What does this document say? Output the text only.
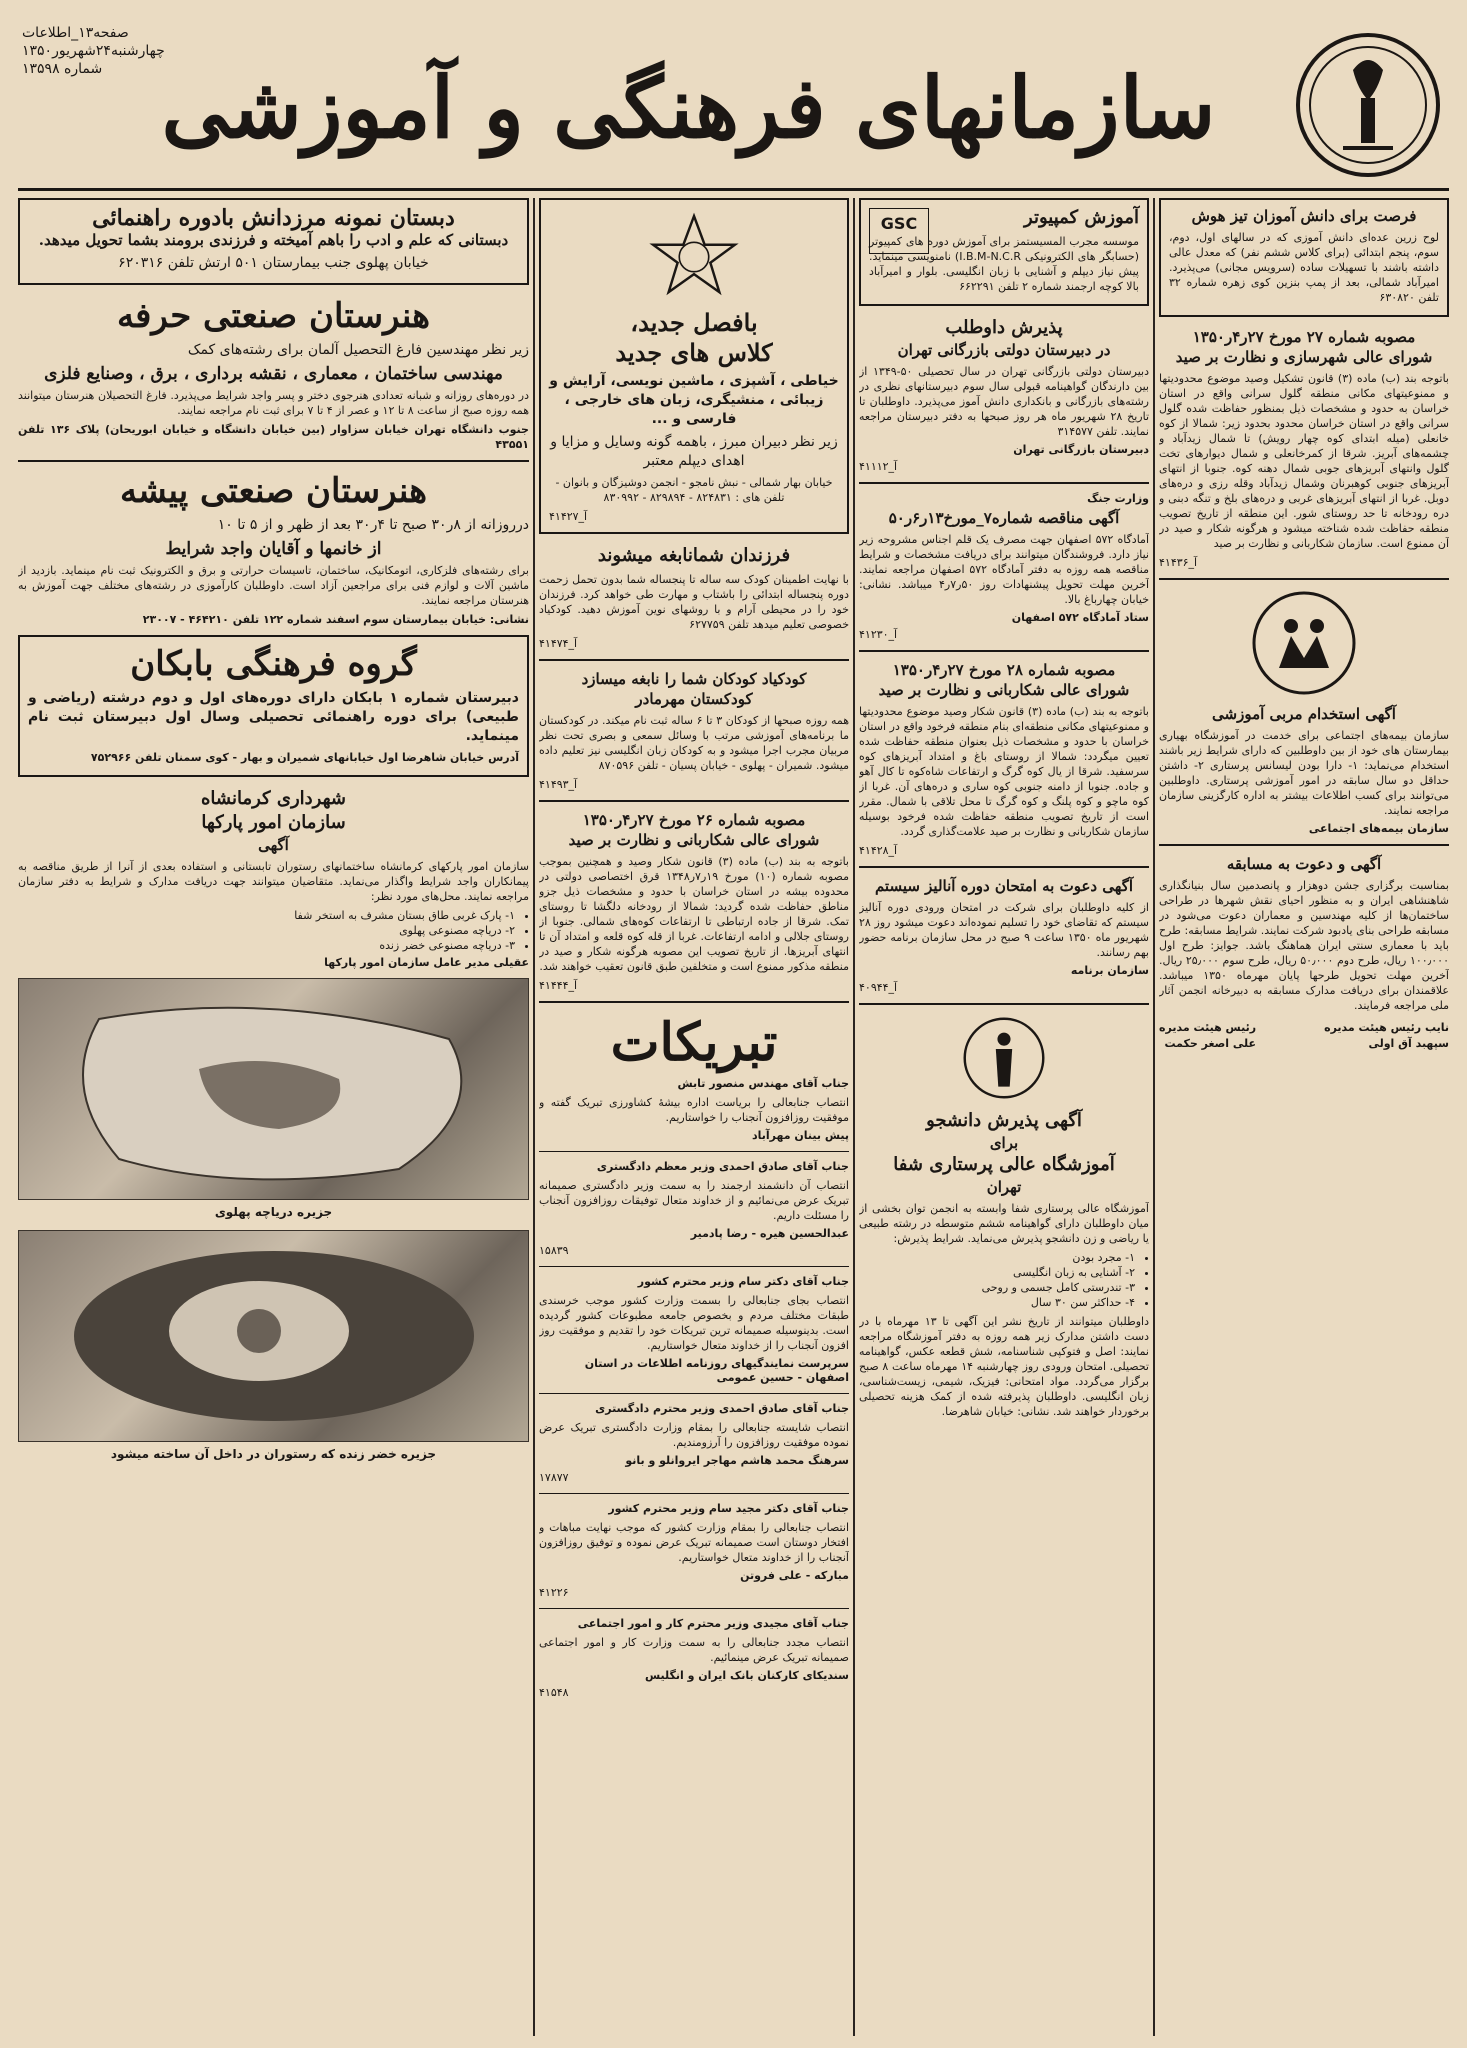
صفحه۱۳_اطلاعات
چهارشنبه۲۴شهریور۱۳۵۰
شماره ۱۳۵۹۸ سازمانهای فرهنگی و آموزشی
فرصت برای دانش آموزان تیز هوش
لوح زرین عده‌ای دانش آموزی که در سالهای اول، دوم، سوم، پنجم ابتدائی (برای کلاس ششم نفر) که معدل عالی داشته باشند با تسهیلات ساده (سرویس مجانی) می‌پذیرد. امیرآباد شمالی، بعد از پمپ بنزین کوی زهره شماره ۳۲ تلفن ۶۳۰۸۲۰
مصوبه شماره ۲۷ مورخ ۲۷ر۴ر۱۳۵۰
شورای عالی شهرسازی و نظارت بر صید
باتوجه بند (ب) ماده (۳) قانون تشکیل وصید موضوع محدودیتها و ممنوعیتهای مکانی منطقه گلول سرانی واقع در استان خراسان به حدود و مشخصات ذیل بمنظور حفاظت شده گلول سرانی واقع در استان خراسان محدود بحدود زیر: شمالا از کوه خانعلی (میله ابتدای کوه چهار رویش) تا شمال زیدآباد و چشمه‌های آبریز. شرقا از کمرخانعلی و شمال دیوارهای تخت گلول وانتهای آبریزهای جوبی شمال دهنه کوه. جنوبا از انتهای آبریزهای جنوبی کوهبرنان وشمال زیدآباد وقله رزی و دره‌های دوبل. غربا از انتهای آبریزهای غربی و دره‌های بلخ و تنگه دبنی و دره رودخانه تا حد روستای شور. این منطقه از تاریخ تصویب منطقه حفاظت شده شناخته میشود و هرگونه شکار و صید در آن ممنوع است. سازمان شکاربانی و نظارت بر صید
آ_۴۱۴۳۶
آگهی استخدام مربی آموزشی
سازمان بیمه‌های اجتماعی برای خدمت در آموزشگاه بهیاری بیمارستان های خود از بین داوطلبین که دارای شرایط زیر باشند استخدام می‌نماید: ۱- دارا بودن لیسانس پرستاری ۲- داشتن حداقل دو سال سابقه در امور آموزشی پرستاری. داوطلبین می‌توانند برای کسب اطلاعات بیشتر به اداره کارگزینی سازمان مراجعه نمایند.
سازمان بیمه‌های اجتماعی
آگهی و دعوت به مسابقه
بمناسبت برگزاری جشن دوهزار و پانصدمین سال بنیانگذاری شاهنشاهی ایران و به منظور احیای نقش شهرها در طراحی ساختمان‌ها از کلیه مهندسین و معماران دعوت می‌شود در مسابقه طراحی بنای یادبود شرکت نمایند. شرایط مسابقه: طرح باید با معماری سنتی ایران هماهنگ باشد. جوایز: طرح اول ۱۰۰٫۰۰۰ ریال، طرح دوم ۵۰٫۰۰۰ ریال، طرح سوم ۲۵٫۰۰۰ ریال. آخرین مهلت تحویل طرحها پایان مهرماه ۱۳۵۰ میباشد. علاقمندان برای دریافت مدارک مسابقه به دبیرخانه انجمن آثار ملی مراجعه فرمایند.
نایب رئیس هیئت مدیره
سپهبد آق اولی
رئیس هیئت مدیره
علی اصغر حکمت
GSC	آموزش کمپیوتر
موسسه مجرب المسیستمز برای آموزش دوره های کمپیوتر (حسابگر های الکترونیکی I.B.M-N.C.R) نامنویسی مینماید. پیش نیاز دیپلم و آشنایی با زبان انگلیسی. بلوار و امیرآباد بالا کوچه ارجمند شماره ۲ تلفن ۶۶۲۲۹۱
پذیرش داوطلب
در دبیرستان دولتی بازرگانی تهران
دبیرستان دولتی بازرگانی تهران در سال تحصیلی ۵۰-۱۳۴۹ از بین دارندگان گواهینامه قبولی سال سوم دبیرستانهای نظری در رشته‌های بازرگانی و بانکداری دانش آموز می‌پذیرد. داوطلبان تا تاریخ ۲۸ شهریور ماه هر روز صبحها به دفتر دبیرستان مراجعه نمایند. تلفن ۳۱۴۵۷۷
دبیرستان بازرگانی تهران
آ_۴۱۱۱۲
وزارت جنگ
آگهی مناقصه شماره۷_مورخ۱۳ر۶ر۵۰
آمادگاه ۵۷۲ اصفهان جهت مصرف یک قلم اجناس مشروحه زیر نیاز دارد. فروشندگان میتوانند برای دریافت مشخصات و شرایط مناقصه همه روزه به دفتر آمادگاه ۵۷۲ اصفهان مراجعه نمایند. آخرین مهلت تحویل پیشنهادات روز ۵۰ر۷ر۴ میباشد. نشانی: خیابان چهارباغ بالا.
ستاد آمادگاه ۵۷۲ اصفهان
آ_۴۱۲۳۰
مصوبه شماره ۲۸ مورخ ۲۷ر۴ر۱۳۵۰
شورای عالی شکاربانی و نظارت بر صید
باتوجه به بند (ب) ماده (۳) قانون شکار وصید موضوع محدودیتها و ممنوعیتهای مکانی منطقه‌ای بنام منطقه فرخود واقع در استان خراسان با حدود و مشخصات ذیل بعنوان منطقه حفاظت شده تعیین میگردد: شمالا از روستای باغ و امتداد آبریزهای کوه سرسفید. شرقا از یال کوه گرگ و ارتفاعات شاه‌کوه تا کال آهو و جاده. جنوبا از دامنه جنوبی کوه ساری و دره‌های آن. غربا از کوه ماچو و کوه پلنگ و کوه گرگ تا محل تلاقی با شمال. مقرر است از تاریخ تصویب منطقه حفاظت شده فرخود بوسیله سازمان شکاربانی و نظارت بر صید علامت‌گذاری گردد.
آ_۴۱۴۲۸
آگهی دعوت به امتحان دوره آنالیز سیستم
از کلیه داوطلبان برای شرکت در امتحان ورودی دوره آنالیز سیستم که تقاضای خود را تسلیم نموده‌اند دعوت میشود روز ۲۸ شهریور ماه ۱۳۵۰ ساعت ۹ صبح در محل سازمان برنامه حضور بهم رسانند.
سازمان برنامه
آ_۴۰۹۴۴
آگهی پذیرش دانشجو
برای
آموزشگاه عالی پرستاری شفا
تهران
آموزشگاه عالی پرستاری شفا وابسته به انجمن توان بخشی از میان داوطلبان دارای گواهینامه ششم متوسطه در رشته طبیعی یا ریاضی و زن دانشجو پذیرش می‌نماید. شرایط پذیرش:
• ۱- مجرد بودن
• ۲- آشنایی به زبان انگلیسی
• ۳- تندرستی کامل جسمی و روحی
• ۴- حداکثر سن ۳۰ سال
داوطلبان میتوانند از تاریخ نشر این آگهی تا ۱۳ مهرماه با در دست داشتن مدارک زیر همه روزه به دفتر آموزشگاه مراجعه نمایند: اصل و فتوکپی شناسنامه، شش قطعه عکس، گواهینامه تحصیلی. امتحان ورودی روز چهارشنبه ۱۴ مهرماه ساعت ۸ صبح برگزار می‌گردد. مواد امتحانی: فیزیک، شیمی، زیست‌شناسی، زبان انگلیسی. داوطلبان پذیرفته شده از کمک هزینه تحصیلی برخوردار خواهند شد. نشانی: خیابان شاهرضا.
بافصل جدید،
کلاس های جدید
خیاطی ، آشپزی ، ماشین نویسی، آرایش و زیبائی ، منشیگری، زبان های خارجی ، فارسی و ...
زیر نظر دبیران مبرز ، باهمه گونه وسایل و مزایا و اهدای دیپلم معتبر
خیابان بهار شمالی - نبش نامجو - انجمن دوشیزگان و بانوان - تلفن های : ۸۲۴۸۳۱ - ۸۲۹۸۹۴ - ۸۳۰۹۹۲
آ_۴۱۴۲۷
فرزندان شمانابغه میشوند
با نهایت اطمینان کودک سه ساله تا پنجساله شما بدون تحمل زحمت دوره پنجساله ابتدائی را باشتاب و مهارت طی خواهد کرد. فرزندان خود را در محیطی آرام و با روشهای نوین آموزش دهید. کودکیاد خصوصی تعلیم میدهد تلفن ۶۲۷۷۵۹
آ_۴۱۴۷۴
کودکیاد کودکان شما را نابغه میسازد
کودکستان مهرمادر
همه روزه صبحها از کودکان ۳ تا ۶ ساله ثبت نام میکند. در کودکستان ما برنامه‌های آموزشی مرتب با وسائل سمعی و بصری تحت نظر مربیان مجرب اجرا میشود و به کودکان زبان انگلیسی نیز تعلیم داده میشود. شمیران - پهلوی - خیابان پسیان - تلفن ۸۷۰۵۹۶
آ_۴۱۴۹۳
مصوبه شماره ۲۶ مورخ ۲۷ر۴ر۱۳۵۰
شورای عالی شکاربانی و نظارت بر صید
باتوجه به بند (ب) ماده (۳) قانون شکار وصید و همچنین بموجب مصوبه شماره (۱۰) مورخ ۱۹ر۷ر۱۳۴۸ قرق اختصاصی دولتی در محدوده بیشه در استان خراسان با حدود و مشخصات ذیل جزو مناطق حفاظت شده گردید: شمالا از رودخانه دلگشا تا روستای تمک. شرقا از جاده ارتباطی تا ارتفاعات کوه‌های شمالی. جنوبا از روستای جلالی و ادامه ارتفاعات. غربا از قله کوه قلعه و امتداد آن تا انتهای آبریزها. از تاریخ تصویب این مصوبه هرگونه شکار و صید در منطقه مذکور ممنوع است و متخلفین طبق قانون تعقیب خواهند شد.
آ_۴۱۴۴۴
تبریکات
جناب آقای مهندس منصور تابش
انتصاب جنابعالی را بریاست اداره بیشهٔ کشاورزی تبریک گفته و موفقیت روزافزون آنجناب را خواستاریم.
پیش بینان مهرآباد
جناب آقای صادق احمدی وزیر معظم دادگستری
انتصاب آن دانشمند ارجمند را به سمت وزیر دادگستری صمیمانه تبریک عرض می‌نمائیم و از خداوند متعال توفیقات روزافزون آنجناب را مسئلت داریم.
عبدالحسین هیره - رضا پادمیر
۱۵۸۳۹
جناب آقای دکتر سام وزیر محترم کشور
انتصاب بجای جنابعالی را بسمت وزارت کشور موجب خرسندی طبقات مختلف مردم و بخصوص جامعه مطبوعات کشور گردیده است. بدینوسیله صمیمانه ترین تبریکات خود را تقدیم و موفقیت روز افزون آنجناب را از خداوند متعال خواستاریم.
سرپرست نمایندگیهای روزنامه اطلاعات در استان اصفهان - حسین عمومی
جناب آقای صادق احمدی وزیر محترم دادگستری
انتصاب شایسته جنابعالی را بمقام وزارت دادگستری تبریک عرض نموده موفقیت روزافزون را آرزومندیم.
سرهنگ محمد هاشم مهاجر ایروانلو و بانو
۱۷۸۷۷
جناب آقای دکتر مجید سام وزیر محترم کشور
انتصاب جنابعالی را بمقام وزارت کشور که موجب نهایت مباهات و افتخار دوستان است صمیمانه تبریک عرض نموده و توفیق روزافزون آنجناب را از خداوند متعال خواستاریم.
مبارکه - علی فروتن
۴۱۲۲۶
جناب آقای مجیدی وزیر محترم کار و امور اجتماعی
انتصاب مجدد جنابعالی را به سمت وزارت کار و امور اجتماعی صمیمانه تبریک عرض مینمائیم.
سندیکای کارکنان بانک ایران و انگلیس
۴۱۵۴۸
دبستان نمونه مرزدانش بادوره راهنمائی
دبستانی که علم و ادب را باهم آمیخته و فرزندی برومند بشما تحویل میدهد.
خیابان پهلوی جنب بیمارستان ۵۰۱ ارتش تلفن ۶۲۰۳۱۶
هنرستان صنعتی حرفه
زیر نظر مهندسین فارغ التحصیل آلمان برای رشته‌های کمک
مهندسی ساختمان ، معماری ، نقشه برداری ، برق ، وصنایع فلزی
در دوره‌های روزانه و شبانه تعدادی هنرجوی دختر و پسر واجد شرایط می‌پذیرد. فارغ التحصیلان هنرستان میتوانند همه روزه صبح از ساعت ۸ تا ۱۲ و عصر از ۴ تا ۷ برای ثبت نام مراجعه نمایند.
جنوب دانشگاه تهران خیابان سزاوار (بین خیابان دانشگاه و خیابان ابوریحان) پلاک ۱۳۶ تلفن ۴۳۵۵۱
هنرستان صنعتی پیشه
درروزانه از ۸ر۳۰ صبح تا ۴ر۳۰ بعد از ظهر و از ۵ تا ۱۰
از خانمها و آقایان واجد شرایط
برای رشته‌های فلزکاری، اتومکانیک، ساختمان، تاسیسات حرارتی و برق و الکترونیک ثبت نام مینماید. بازدید از ماشین آلات و لوازم فنی برای مراجعین آزاد است. داوطلبان کارآموزی در رشته‌های مختلف جهت آموزش به هنرستان مراجعه نمایند.
نشانی: خیابان بیمارستان سوم اسفند شماره ۱۲۲ تلفن ۴۶۴۲۱۰ - ۲۳۰۰۷
گروه فرهنگی بابکان
دبیرستان شماره ۱ بابکان دارای دوره‌های اول و دوم درشته (ریاضی و طبیعی) برای دوره راهنمائی تحصیلی وسال اول دبیرستان ثبت نام مینماید.
آدرس خیابان شاهرضا اول خیابانهای شمیران و بهار - کوی سمنان تلفن ۷۵۲۹۶۶
شهرداری کرمانشاه
سازمان امور پارکها
آگهی
سازمان امور پارکهای کرمانشاه ساختمانهای رستوران تابستانی و استفاده بعدی از آنرا از طریق مناقصه به پیمانکاران واجد شرایط واگذار می‌نماید. متقاضیان میتوانند جهت دریافت مدارک و شرایط به دفتر سازمان مراجعه نمایند. محل‌های مورد نظر:
• ۱- پارک غربی طاق بستان مشرف به استخر شفا
• ۲- دریاچه مصنوعی پهلوی
• ۳- دریاچه مصنوعی خضر زنده
عقیلی مدیر عامل سازمان امور پارکها
جزیره دریاچه پهلوی
جزیره خضر زنده که رستوران در داخل آن ساخته میشود
